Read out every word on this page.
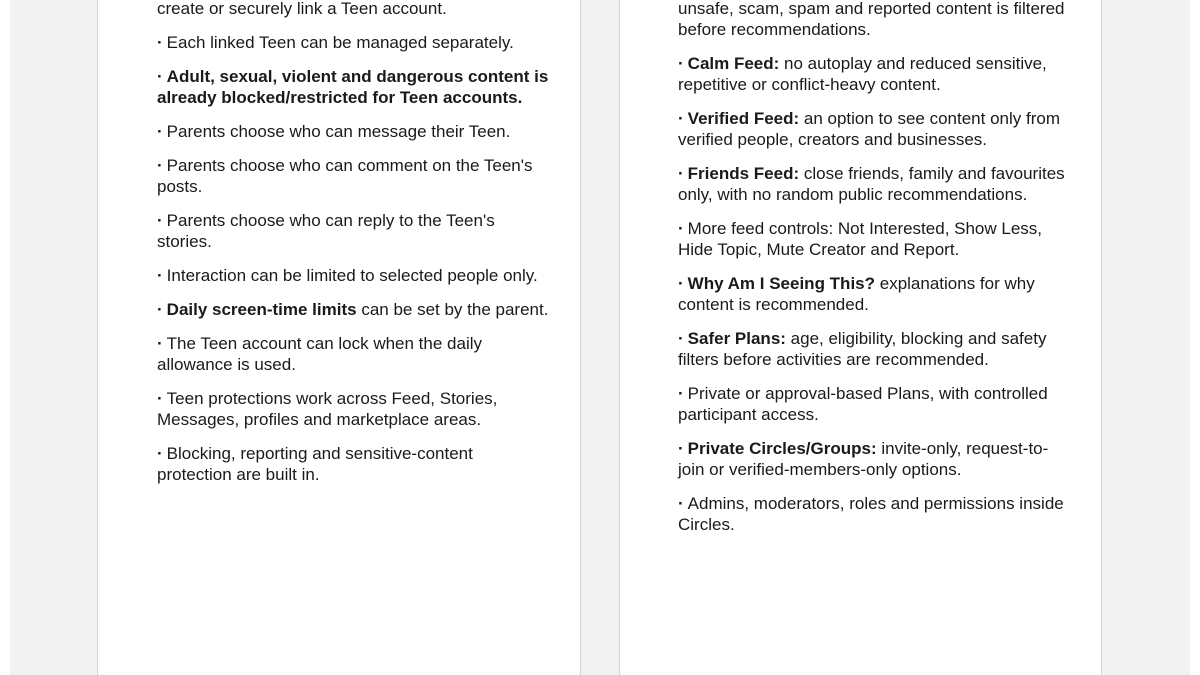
create or securely link a Teen account.
· Each linked Teen can be managed separately.
· Adult, sexual, violent and dangerous content is already blocked/restricted for Teen accounts.
· Parents choose who can message their Teen.
· Parents choose who can comment on the Teen's posts.
· Parents choose who can reply to the Teen's stories.
· Interaction can be limited to selected people only.
· Daily screen-time limits can be set by the parent.
· The Teen account can lock when the daily allowance is used.
· Teen protections work across Feed, Stories, Messages, profiles and marketplace areas.
· Blocking, reporting and sensitive-content protection are built in.
unsafe, scam, spam and reported content is filtered before recommendations.
· Calm Feed: no autoplay and reduced sensitive, repetitive or conflict-heavy content.
· Verified Feed: an option to see content only from verified people, creators and businesses.
· Friends Feed: close friends, family and favourites only, with no random public recommendations.
· More feed controls: Not Interested, Show Less, Hide Topic, Mute Creator and Report.
· Why Am I Seeing This? explanations for why content is recommended.
· Safer Plans: age, eligibility, blocking and safety filters before activities are recommended.
· Private or approval-based Plans, with controlled participant access.
· Private Circles/Groups: invite-only, request-to-join or verified-members-only options.
· Admins, moderators, roles and permissions inside Circles.
